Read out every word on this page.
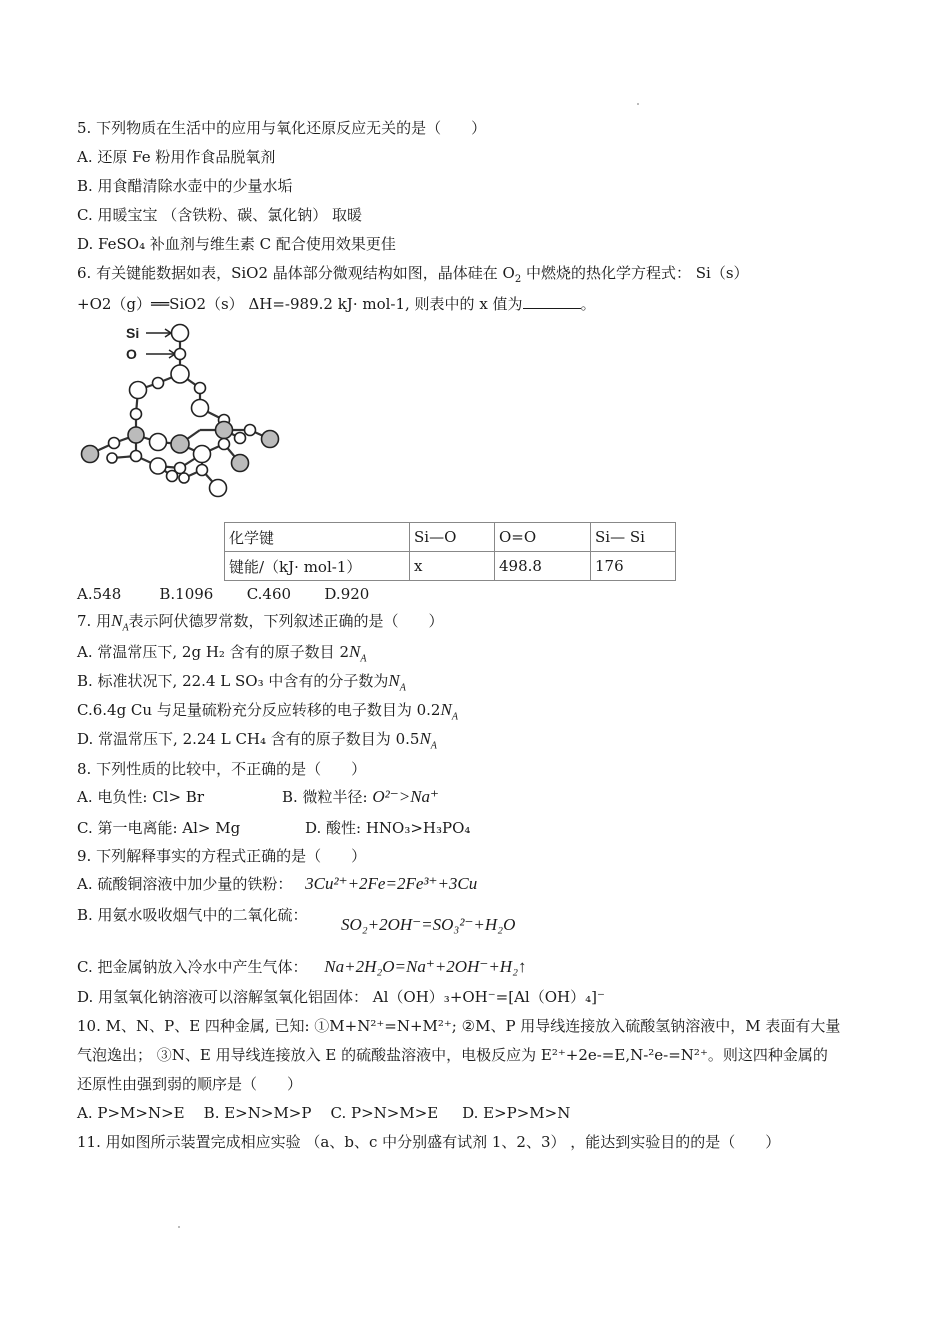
5. 下列物质在生活中的应用与氧化还原反应无关的是（　　）
A. 还原 Fe 粉用作食品脱氧剂
B. 用食醋清除水壶中的少量水垢
C. 用暖宝宝 （含铁粉、碳、氯化钠） 取暖
D. FeSO₄ 补血剂与维生素 C 配合使用效果更佳
6. 有关键能数据如表，SiO2 晶体部分微观结构如图，晶体硅在 $O_2$ 中燃烧的热化学方程式： Si（s）
+O2（g）══SiO2（s） ΔH=-989.2 kJ· mol-1, 则表中的 x 值为	。
Si
O
化学键	Si—O	O=O	Si— Si
键能/（kJ· mol-1）	x	498.8	176
A.548        B.1096       C.460       D.920
7. 用$N_A$表示阿伏德罗常数，下列叙述正确的是（　　）
A. 常温常压下, 2g H₂ 含有的原子数目 $2N_A$
B. 标准状况下, 22.4 L SO₃ 中含有的分子数为$N_A$
C.6.4g Cu 与足量硫粉充分反应转移的电子数目为 $0.2N_A$
D. 常温常压下, 2.24 L CH₄ 含有的原子数目为 $0.5N_A$
8. 下列性质的比较中，不正确的是（　　）
A. 电负性: Cl> Br	B. 微粒半径: O²⁻>Na⁺
C. 第一电离能: Al> Mg	D. 酸性: HNO₃>H₃PO₄
9. 下列解释事实的方程式正确的是（　　）
A. 硫酸铜溶液中加少量的铁粉： 3Cu²⁺+2Fe=2Fe³⁺+3Cu
B. 用氨水吸收烟气中的二氧化硫： SO₂+2OH⁻=SO₃²⁻+H₂O
C. 把金属钠放入冷水中产生气体： Na+2H₂O=Na⁺+2OH⁻+H₂↑
D. 用氢氧化钠溶液可以溶解氢氧化铝固体： Al（OH）₃+OH⁻=[Al（OH）₄]⁻
10. M、N、P、E 四种金属, 已知: ①M+N²⁺=N+M²⁺; ②M、P 用导线连接放入硫酸氢钠溶液中，M 表面有大量
气泡逸出； ③N、E 用导线连接放入 E 的硫酸盐溶液中，电极反应为 E²⁺+2e-=E,N-²e-=N²⁺。则这四种金属的
还原性由强到弱的顺序是（　　）
A. P>M>N>E    B. E>N>M>P    C. P>N>M>E     D. E>P>M>N
11. 用如图所示装置完成相应实验 （a、b、c 中分别盛有试剂 1、2、3） ，能达到实验目的的是（　　）
